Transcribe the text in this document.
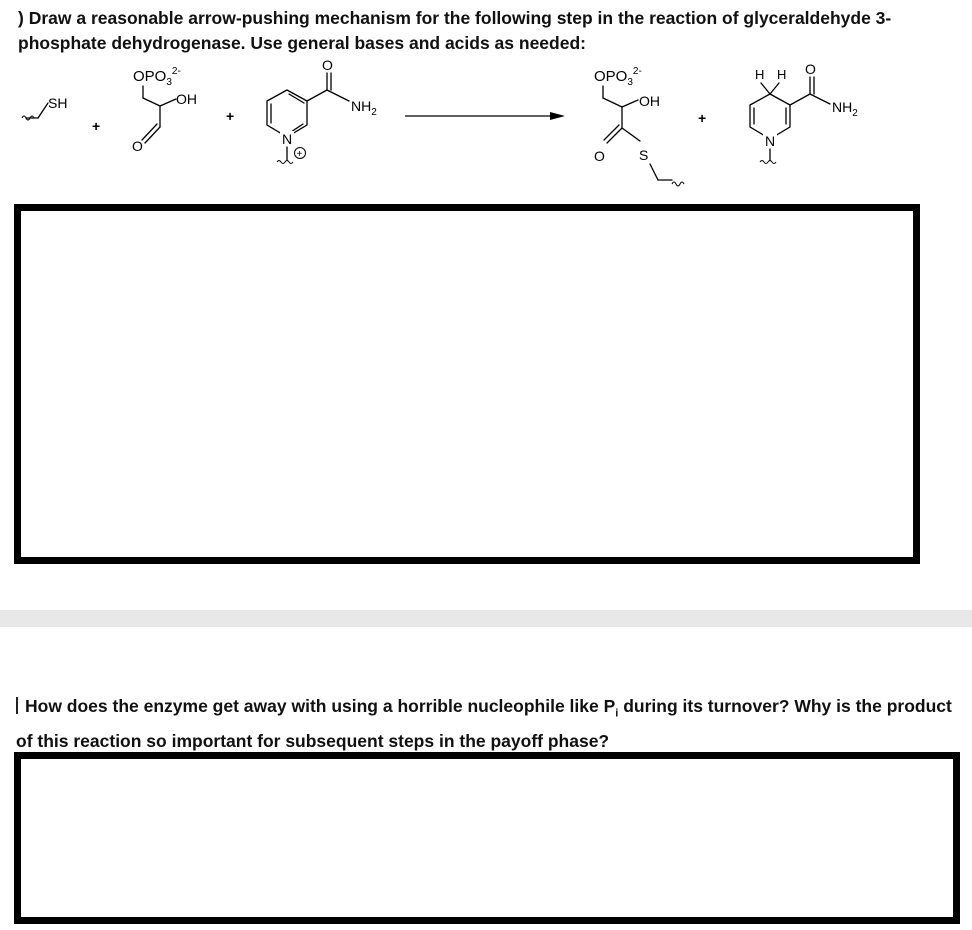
) Draw a reasonable arrow-pushing mechanism for the following step in the reaction of glyceraldehyde 3-phosphate dehydrogenase. Use general bases and acids as needed:
SH
+
$OPO_3^{2-}$
OH
O
+
N
+
O
$NH_2$
$OPO_3^{2-}$
OH
O S
+
H H
N
O
$NH_2$
How does the enzyme get away with using a horrible nucleophile like $P_i$ during its turnover? Why is the product of this reaction so important for subsequent steps in the payoff phase?
